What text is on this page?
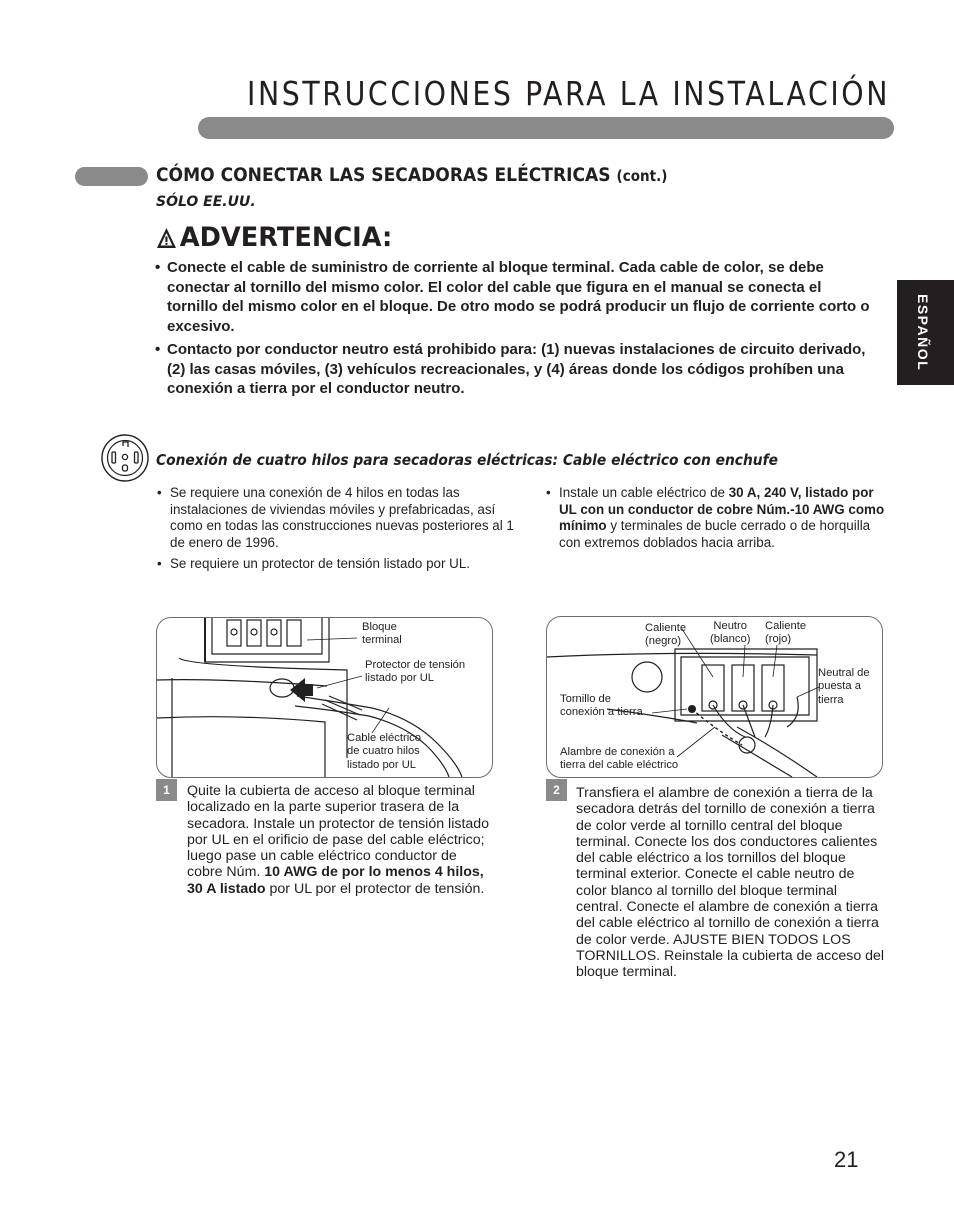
INSTRUCCIONES PARA LA INSTALACIÓN
CÓMO CONECTAR LAS SECADORAS ELÉCTRICAS (cont.)
SÓLO EE.UU.
ADVERTENCIA:
• Conecte el cable de suministro de corriente al bloque terminal. Cada cable de color, se debe conectar al tornillo del mismo color. El color del cable que figura en el manual se conecta el tornillo del mismo color en el bloque. De otro modo se podrá producir un flujo de corriente corto o excesivo.
• Contacto por conductor neutro está prohibido para: (1) nuevas instalaciones de circuito derivado, (2) las casas móviles, (3) vehículos recreacionales, y (4) áreas donde los códigos prohíben una conexión a tierra por el conductor neutro.
ESPAÑOL
Conexión de cuatro hilos para secadoras eléctricas: Cable eléctrico con enchufe
• Se requiere una conexión de 4 hilos en todas las instalaciones de viviendas móviles y prefabricadas, así como en todas las construcciones nuevas posteriores al 1 de enero de 1996.
• Se requiere un protector de tensión listado por UL.
• Instale un cable eléctrico de 30 A, 240 V, listado por UL con un conductor de cobre Núm.-10 AWG como mínimo y terminales de bucle cerrado o de horquilla con extremos doblados hacia arriba.
Bloque
terminal
Protector de tensión
listado por UL
Cable eléctrico
de cuatro hilos
listado por UL
Caliente
(negro)
Neutro
(blanco)
Caliente
(rojo)
Neutral de
puesta a
tierra
Tornillo de
conexión a tierra
Alambre de conexión a
tierra del cable eléctrico
1	Quite la cubierta de acceso al bloque terminal localizado en la parte superior trasera de la secadora. Instale un protector de tensión listado por UL en el orificio de pase del cable eléctrico; luego pase un cable eléctrico conductor de cobre Núm. 10 AWG de por lo menos 4 hilos, 30 A listado por UL por el protector de tensión.
2	Transfiera el alambre de conexión a tierra de la secadora detrás del tornillo de conexión a tierra de color verde al tornillo central del bloque terminal. Conecte los dos conductores calientes del cable eléctrico a los tornillos del bloque terminal exterior. Conecte el cable neutro de color blanco al tornillo del bloque terminal central. Conecte el alambre de conexión a tierra del cable eléctrico al tornillo de conexión a tierra de color verde. AJUSTE BIEN TODOS LOS TORNILLOS. Reinstale la cubierta de acceso del bloque terminal.
21
